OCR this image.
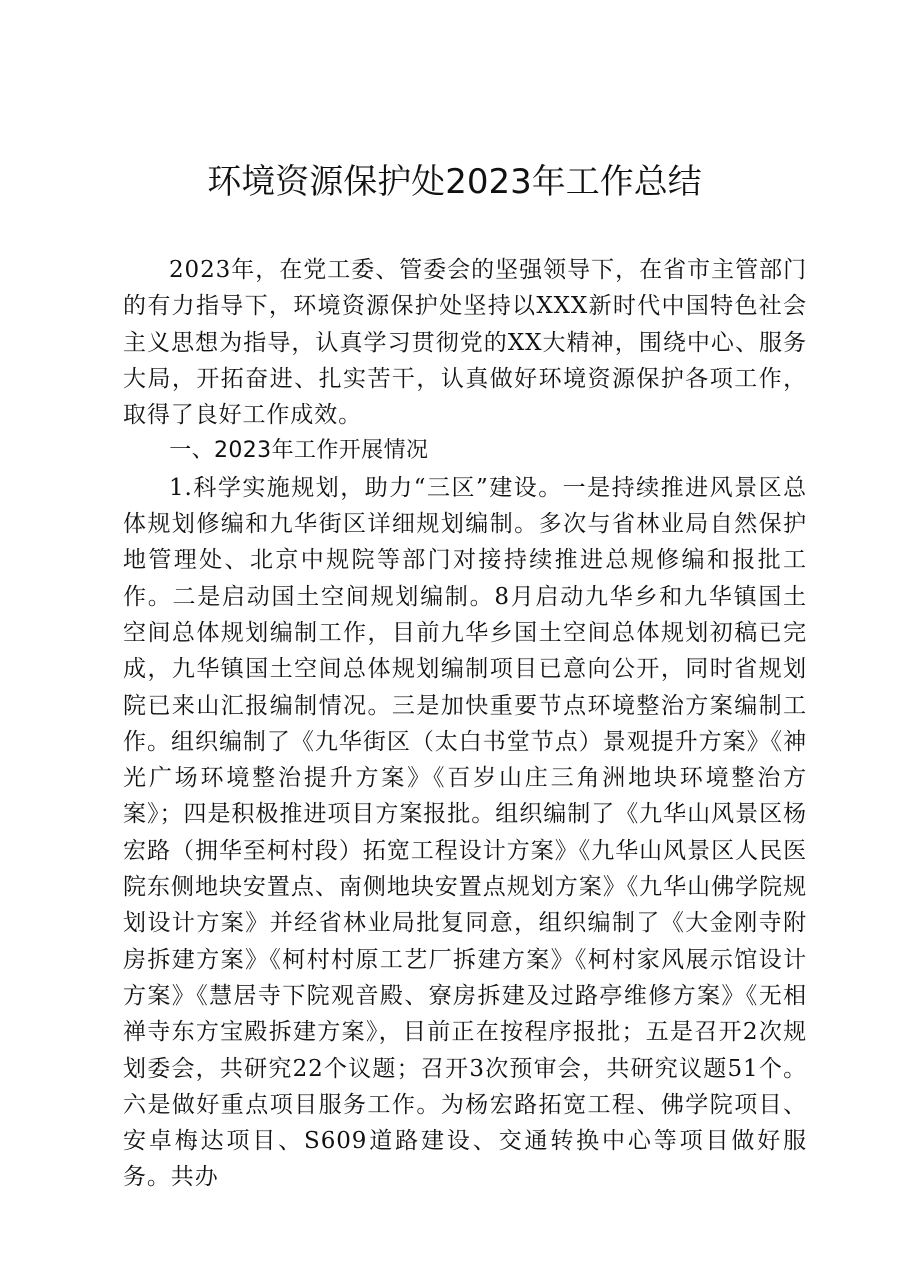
环境资源保护处2023年工作总结

2023年，在党工委、管委会的坚强领导下，在省市主管部门的有力指导下，环境资源保护处坚持以XXX新时代中国特色社会主义思想为指导，认真学习贯彻党的XX大精神，围绕中心、服务大局，开拓奋进、扎实苦干，认真做好环境资源保护各项工作，取得了良好工作成效。

一、2023年工作开展情况

1.科学实施规划，助力“三区”建设。一是持续推进风景区总体规划修编和九华街区详细规划编制。多次与省林业局自然保护地管理处、北京中规院等部门对接持续推进总规修编和报批工作。二是启动国土空间规划编制。8月启动九华乡和九华镇国土空间总体规划编制工作，目前九华乡国土空间总体规划初稿已完成，九华镇国土空间总体规划编制项目已意向公开，同时省规划院已来山汇报编制情况。三是加快重要节点环境整治方案编制工作。组织编制了《九华街区（太白书堂节点）景观提升方案》《神光广场环境整治提升方案》《百岁山庄三角洲地块环境整治方案》；四是积极推进项目方案报批。组织编制了《九华山风景区杨宏路（拥华至柯村段）拓宽工程设计方案》《九华山风景区人民医院东侧地块安置点、南侧地块安置点规划方案》《九华山佛学院规划设计方案》并经省林业局批复同意，组织编制了《大金刚寺附房拆建方案》《柯村村原工艺厂拆建方案》《柯村家风展示馆设计方案》《慧居寺下院观音殿、寮房拆建及过路亭维修方案》《无相禅寺东方宝殿拆建方案》，目前正在按程序报批；五是召开2次规划委会，共研究22个议题；召开3次预审会，共研究议题51个。六是做好重点项目服务工作。为杨宏路拓宽工程、佛学院项目、安卓梅达项目、S609道路建设、交通转换中心等项目做好服务。共办
